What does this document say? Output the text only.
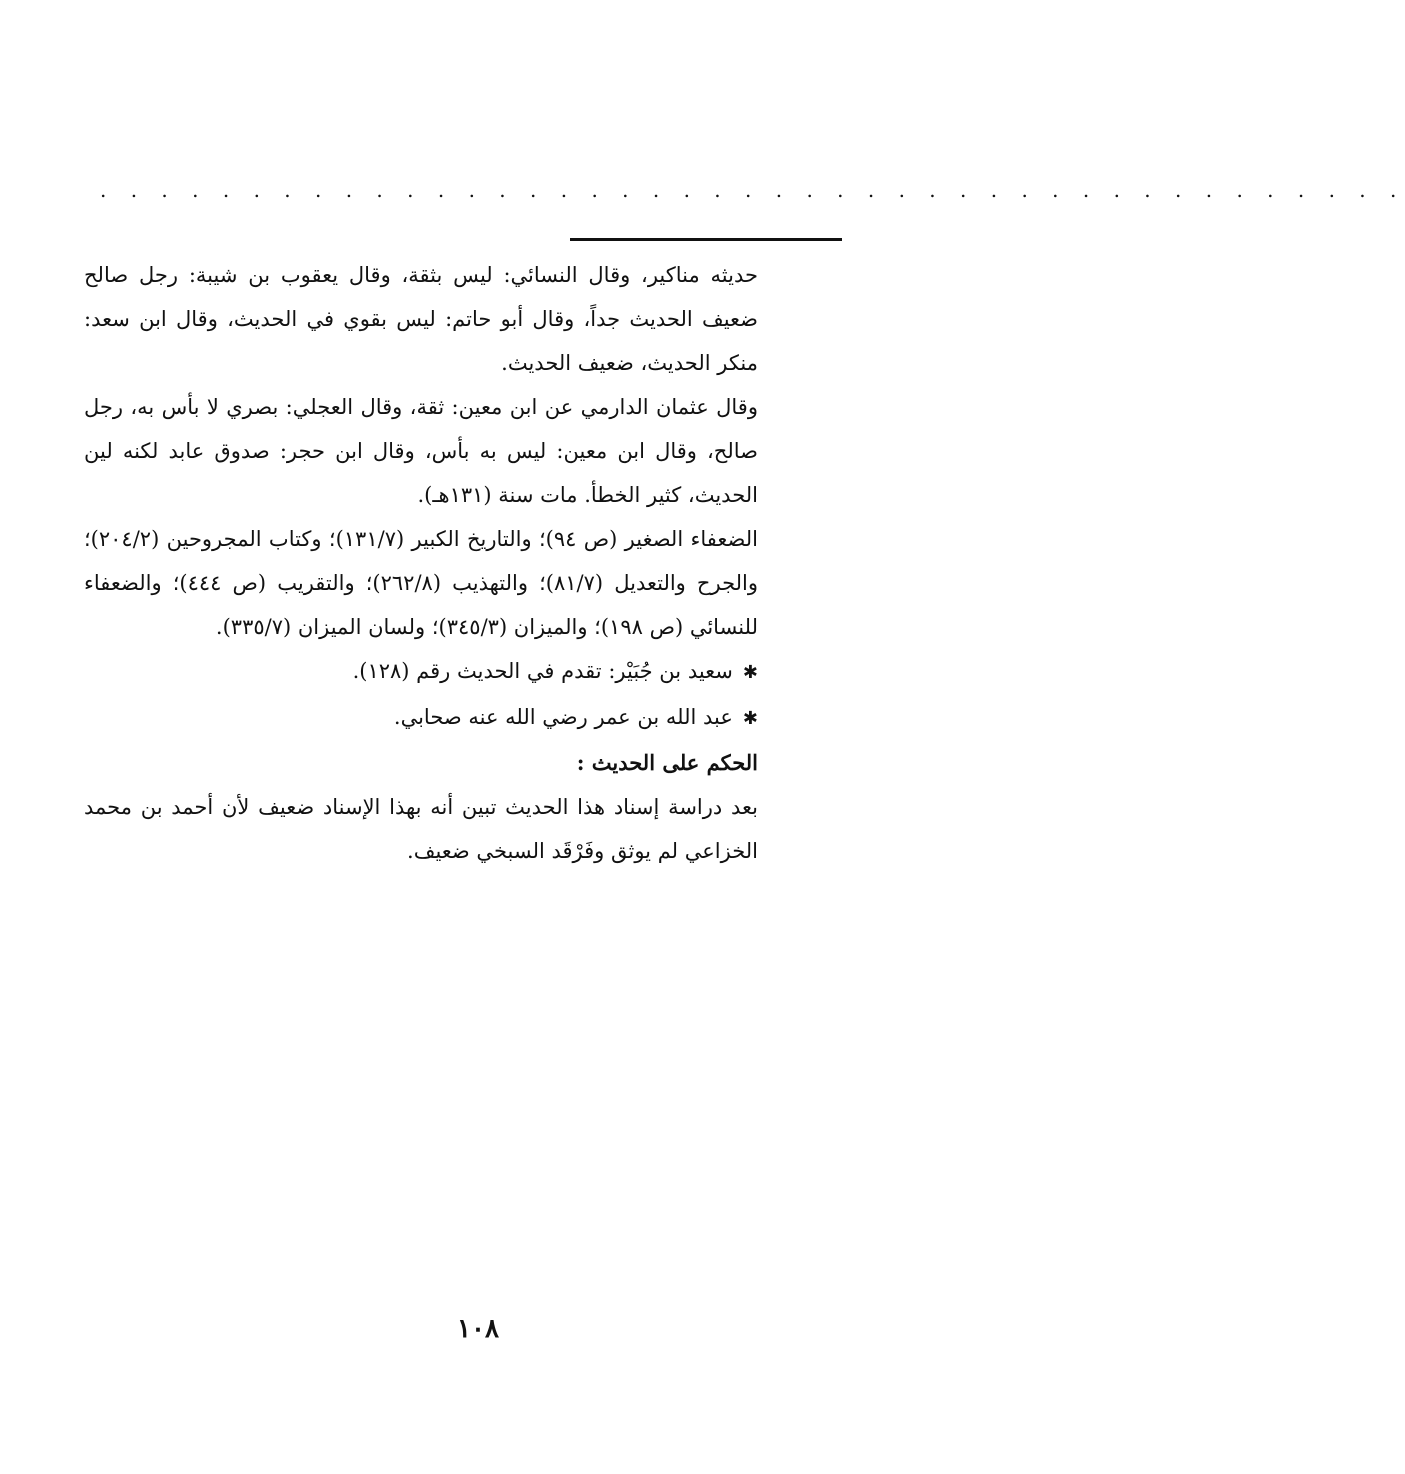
. . . . . . . . . . . . . . . . . . . . . . . . . . . . . . . . . . . . . . . . . . .

حديثه مناكير، وقال النسائي: ليس بثقة، وقال يعقوب بن شيبة: رجل صالح ضعيف الحديث جداً، وقال أبو حاتم: ليس بقوي في الحديث، وقال ابن سعد: منكر الحديث، ضعيف الحديث.

وقال عثمان الدارمي عن ابن معين: ثقة، وقال العجلي: بصري لا بأس به، رجل صالح، وقال ابن معين: ليس به بأس، وقال ابن حجر: صدوق عابد لكنه لين الحديث، كثير الخطأ. مات سنة (١٣١هـ).

الضعفاء الصغير (ص ٩٤)؛ والتاريخ الكبير (١٣١/٧)؛ وكتاب المجروحين (٢٠٤/٢)؛ والجرح والتعديل (٨١/٧)؛ والتهذيب (٢٦٢/٨)؛ والتقريب (ص ٤٤٤)؛ والضعفاء للنسائي (ص ١٩٨)؛ والميزان (٣٤٥/٣)؛ ولسان الميزان (٣٣٥/٧).

✱سعيد بن جُبَيْر: تقدم في الحديث رقم (١٢٨).

✱عبد الله بن عمر رضي الله عنه صحابي.

الحكم على الحديث :

بعد دراسة إسناد هذا الحديث تبين أنه بهذا الإسناد ضعيف لأن أحمد بن محمد الخزاعي لم يوثق وفَرْقَد السبخي ضعيف.

١٠٨
